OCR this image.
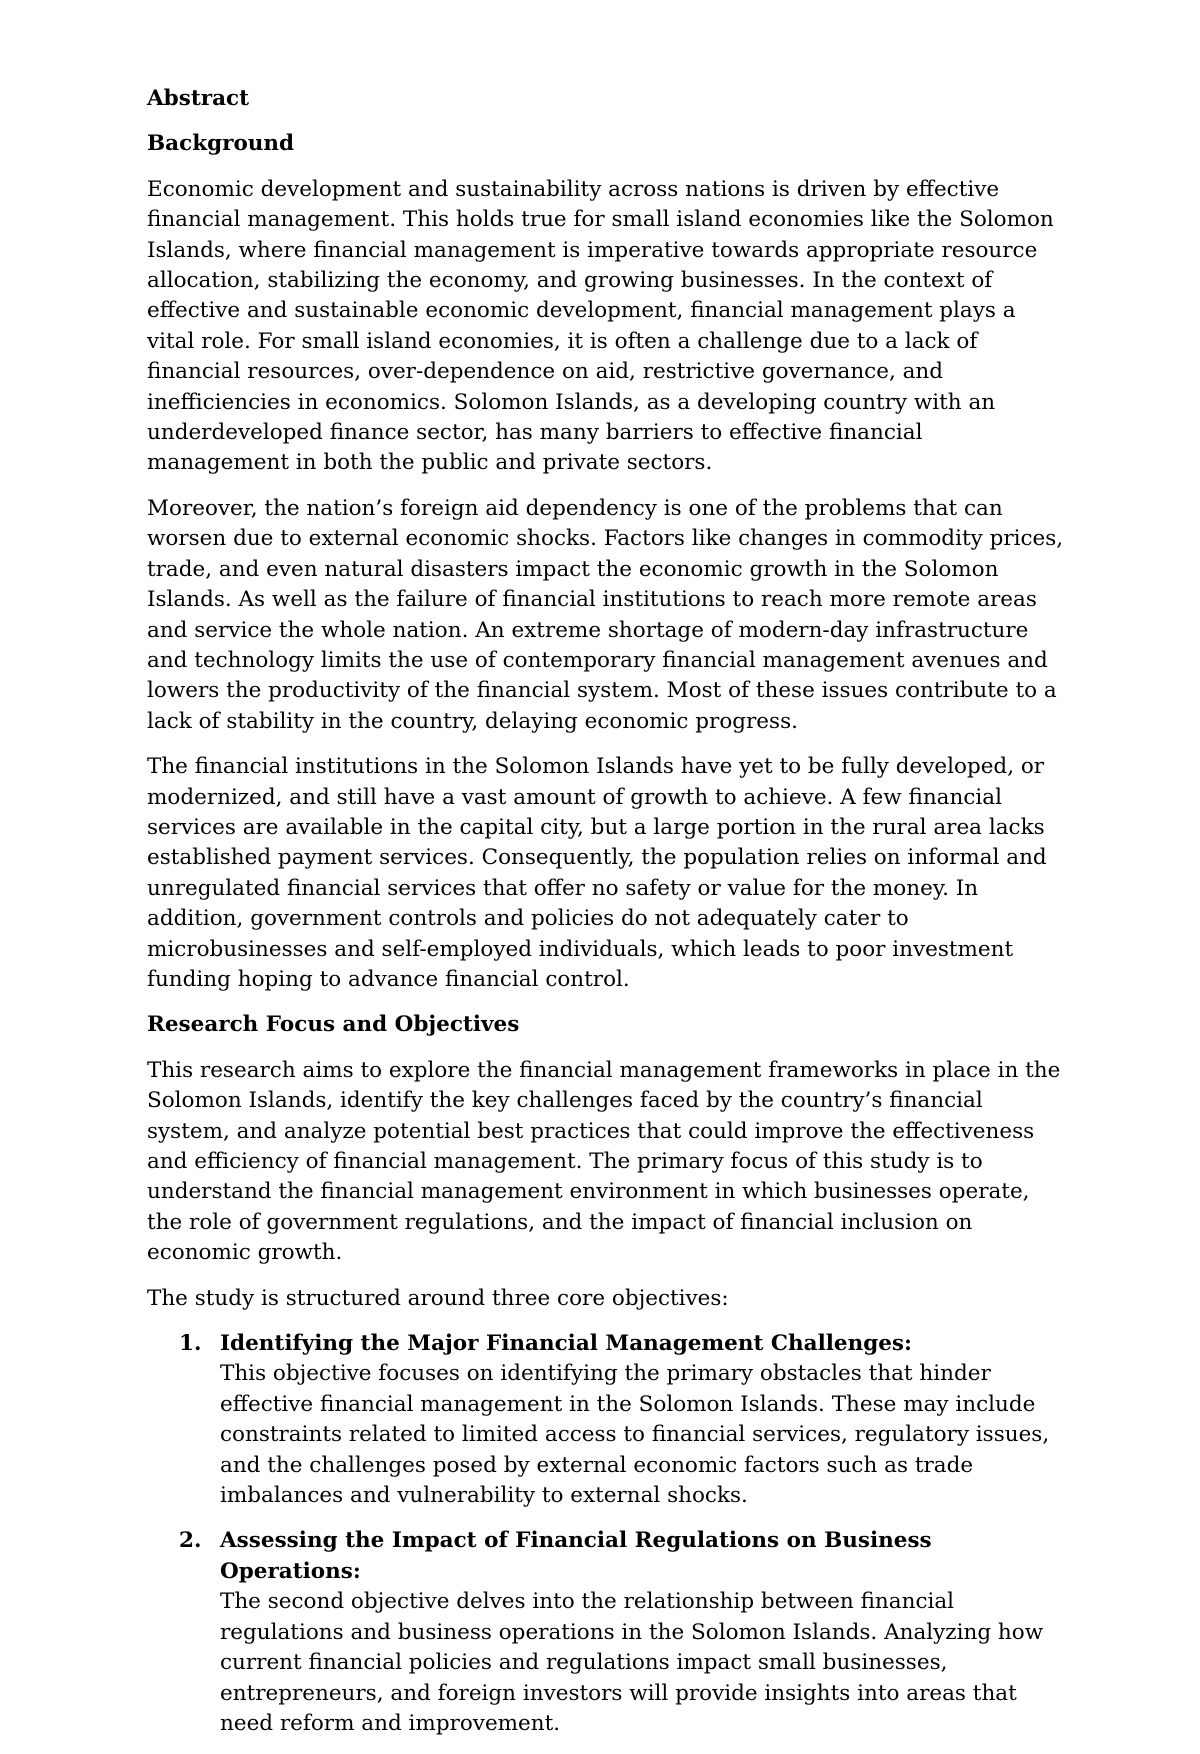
Abstract
Background

Economic development and sustainability across nations is driven by effective financial management. This holds true for small island economies like the Solomon Islands, where financial management is imperative towards appropriate resource allocation, stabilizing the economy, and growing businesses. In the context of effective and sustainable economic development, financial management plays a vital role. For small island economies, it is often a challenge due to a lack of financial resources, over-dependence on aid, restrictive governance, and inefficiencies in economics. Solomon Islands, as a developing country with an underdeveloped finance sector, has many barriers to effective financial management in both the public and private sectors.

Moreover, the nation’s foreign aid dependency is one of the problems that can worsen due to external economic shocks. Factors like changes in commodity prices, trade, and even natural disasters impact the economic growth in the Solomon Islands. As well as the failure of financial institutions to reach more remote areas and service the whole nation. An extreme shortage of modern-day infrastructure and technology limits the use of contemporary financial management avenues and lowers the productivity of the financial system. Most of these issues contribute to a lack of stability in the country, delaying economic progress.

The financial institutions in the Solomon Islands have yet to be fully developed, or modernized, and still have a vast amount of growth to achieve. A few financial services are available in the capital city, but a large portion in the rural area lacks established payment services. Consequently, the population relies on informal and unregulated financial services that offer no safety or value for the money. In addition, government controls and policies do not adequately cater to microbusinesses and self-employed individuals, which leads to poor investment funding hoping to advance financial control.

Research Focus and Objectives

This research aims to explore the financial management frameworks in place in the Solomon Islands, identify the key challenges faced by the country’s financial system, and analyze potential best practices that could improve the effectiveness and efficiency of financial management. The primary focus of this study is to understand the financial management environment in which businesses operate, the role of government regulations, and the impact of financial inclusion on economic growth.

The study is structured around three core objectives:

1. Identifying the Major Financial Management Challenges:
This objective focuses on identifying the primary obstacles that hinder effective financial management in the Solomon Islands. These may include constraints related to limited access to financial services, regulatory issues, and the challenges posed by external economic factors such as trade imbalances and vulnerability to external shocks.
2. Assessing the Impact of Financial Regulations on Business Operations:
The second objective delves into the relationship between financial regulations and business operations in the Solomon Islands. Analyzing how current financial policies and regulations impact small businesses, entrepreneurs, and foreign investors will provide insights into areas that need reform and improvement.
